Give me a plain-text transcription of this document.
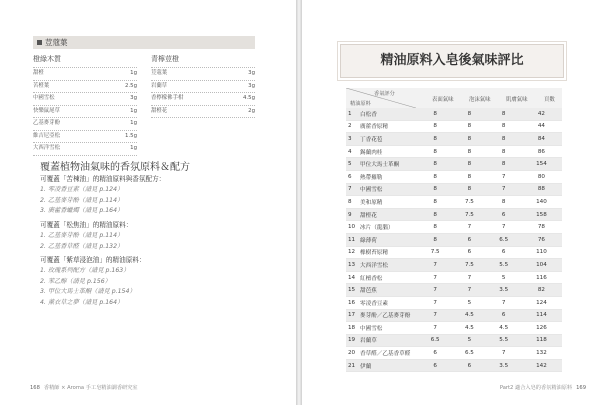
荳蔻葉
橙綠木質
甜橙	1g
苦橙葉	2.5g
中國雪松	3g
快樂鼠尾草	1g
乙基麥芽酚	1g
維吉尼亞松	1.5g
大西洋雪松	1g
青檸荳橙
荳蔻葉	3g
岩蘭草	3g
香檸檬佛手柑	4.5g
甜橙花	2g
覆蓋植物油氣味的香氛原料＆配方
可覆蓋「苦棟油」的精油原料與香氛配方：
1. 零凌香豆素（請見 p.124）
2. 乙基麥芽酚（請見 p.114）
3. 廣藿香蠟燭（請見 p.164）
可覆蓋「松焦油」的精油原料：
1. 乙基麥芽酚（請見 p.114）
2. 乙基香草醛（請見 p.132）
可覆蓋「紫草浸泡油」的精油原料：
1. 玫瑰系列配方（請見 p.163）
2. 苯乙醇（請見 p.156）
3. 甲位大馬士革酮（請見 p.154）
4. 薰衣草之夢（請見 p.164）
168 香精師 × Aroma 手工皂精油調香研究室
精油原料入皂後氣味評比

1	白松香	8	8	8	42
2	廣藿香原精	8	8	8	44
3	丁香花苞	8	8	8	84
4	錫蘭肉桂	8	8	8	86
5	甲位大馬士革酮	8	8	8	154
6	熱帶羅勒	8	8	7	80
7	中國雪松	8	8	7	88
8	美和原精	8	7.5	8	140
9	甜橙花	8	7.5	6	158
10	冰片（龍腦）	8	7	7	78
11	綠薄荷	8	6	6.5	76
12	橡樹苔原精	7.5	6	6	110
13	大西洋雪松	7	7.5	5.5	104
14	紅檀香松	7	7	5	116
15	甜芭蕉	7	7	3.5	82
16	零凌香豆素	7	5	7	124
17	麥芽酚／乙基麥芽酚	7	4.5	6	114
18	中國雪松	7	4.5	4.5	126
19	岩蘭草	6.5	5	5.5	118
20	香草醛／乙基香草醛	6	6.5	7	132
21	伊蘭	6	6	3.5	142
香氣評分
精油原料
表面氣味	泡沫氣味	肌膚氣味	頁數
Part2 適合入皂的香氛精油原料 169
